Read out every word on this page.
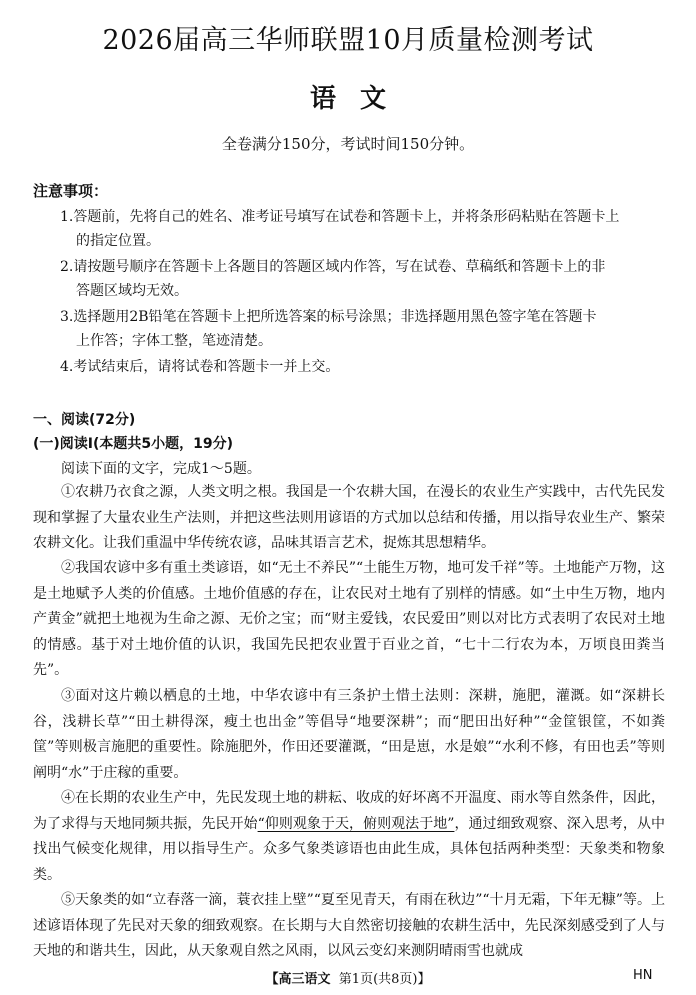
2026届高三华师联盟10月质量检测考试
语文
全卷满分150分，考试时间150分钟。
注意事项：
1.答题前，先将自己的姓名、准考证号填写在试卷和答题卡上，并将条形码粘贴在答题卡上
的指定位置。
2.请按题号顺序在答题卡上各题目的答题区域内作答，写在试卷、草稿纸和答题卡上的非
答题区域均无效。
3.选择题用2B铅笔在答题卡上把所选答案的标号涂黑；非选择题用黑色签字笔在答题卡
上作答；字体工整，笔迹清楚。
4.考试结束后，请将试卷和答题卡一并上交。
一、阅读(72分)
(一)阅读Ⅰ(本题共5小题，19分)
阅读下面的文字，完成1～5题。

①农耕乃衣食之源，人类文明之根。我国是一个农耕大国，在漫长的农业生产实践中，古代先民发现和掌握了大量农业生产法则，并把这些法则用谚语的方式加以总结和传播，用以指导农业生产、繁荣农耕文化。让我们重温中华传统农谚，品味其语言艺术，捉炼其思想精华。

②我国农谚中多有重土类谚语，如“无土不养民”“土能生万物，地可发千祥”等。土地能产万物，这是土地赋予人类的价值感。土地价值感的存在，让农民对土地有了别样的情感。如“土中生万物，地内产黄金”就把土地视为生命之源、无价之宝；而“财主爱钱，农民爱田”则以对比方式表明了农民对土地的情感。基于对土地价值的认识，我国先民把农业置于百业之首，“七十二行农为本，万顷良田粪当先”。

③面对这片赖以栖息的土地，中华农谚中有三条护土惜土法则：深耕，施肥，灌溉。如“深耕长谷，浅耕长草”“田土耕得深，瘦土也出金”等倡导“地要深耕”；而“肥田出好种”“金筐银筐，不如粪筐”等则极言施肥的重要性。除施肥外，作田还要灌溉，“田是崽，水是娘”“水利不修，有田也丢”等则阐明“水”于庄稼的重要。

④在长期的农业生产中，先民发现土地的耕耘、收成的好坏离不开温度、雨水等自然条件，因此，为了求得与天地同频共振，先民开始“仰则观象于天，俯则观法于地”，通过细致观察、深入思考，从中找出气候变化规律，用以指导生产。众多气象类谚语也由此生成，具体包括两种类型：天象类和物象类。

⑤天象类的如“立春落一滴，蓑衣挂上壁”“夏至见青天，有雨在秋边”“十月无霜，下年无糠”等。上述谚语体现了先民对天象的细致观察。在长期与大自然密切接触的农耕生活中，先民深刻感受到了人与天地的和谐共生，因此，从天象观自然之风雨，以风云变幻来测阴晴雨雪也就成

【高三语文 第1页(共8页)】	HN
